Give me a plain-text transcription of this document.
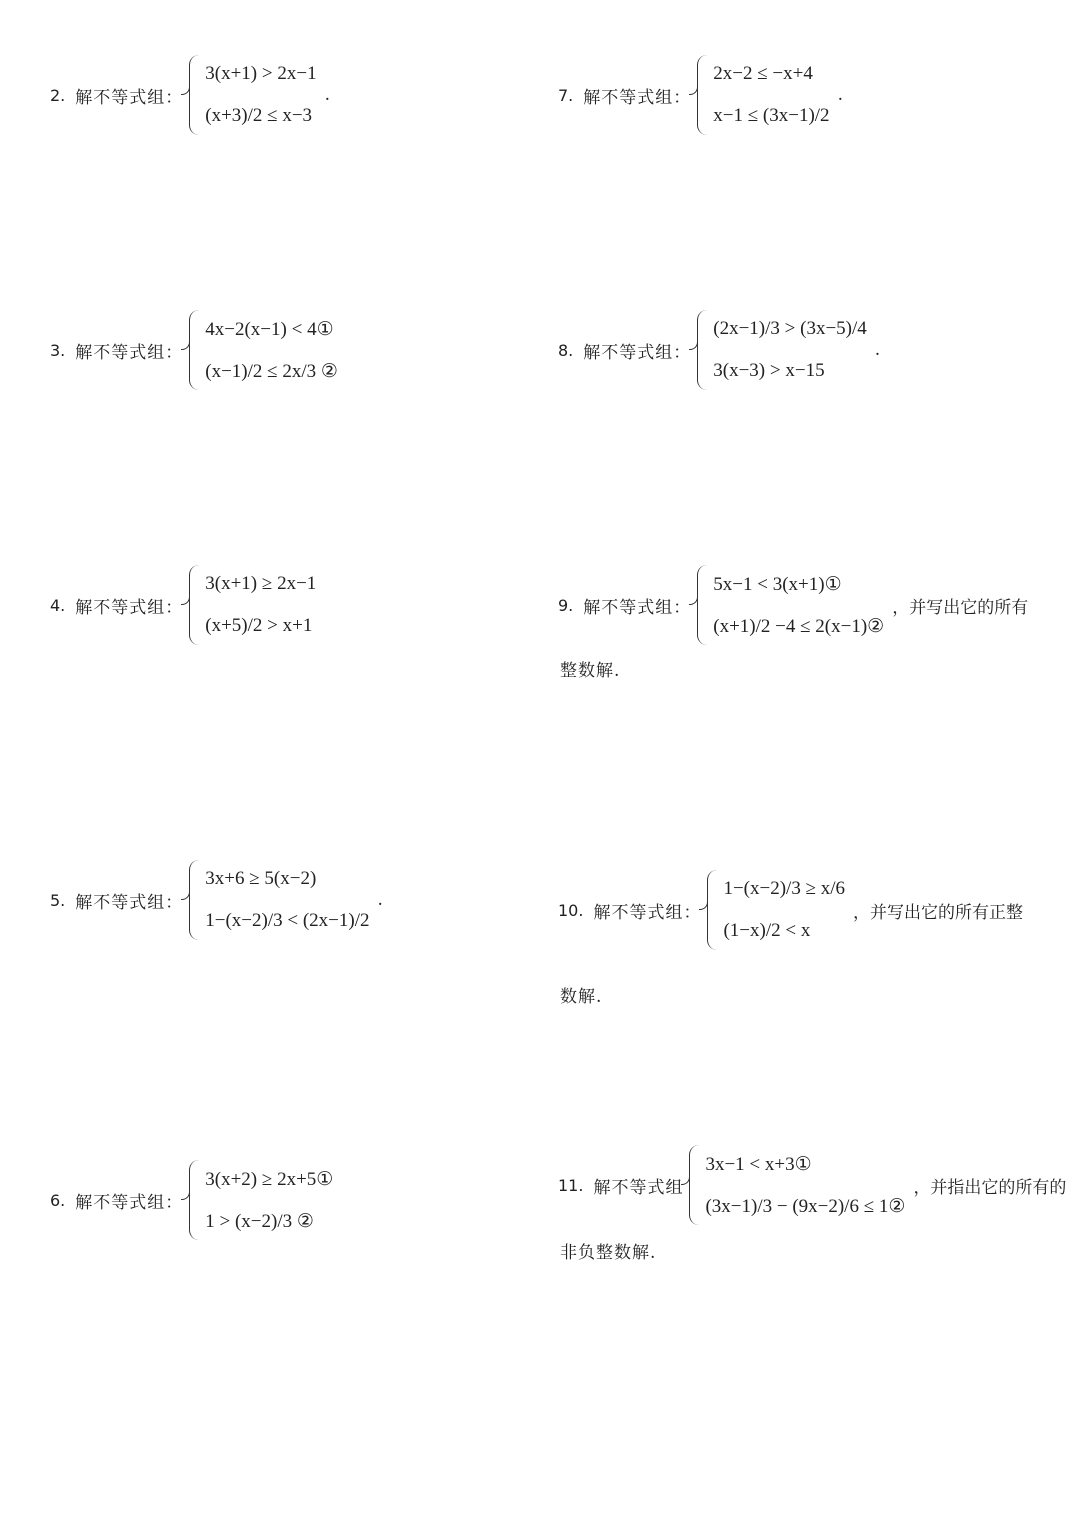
2. 解不等式组：
3(x+1) > 2x−1
(x+3)/2 ≤ x−3
.
3. 解不等式组：
4x−2(x−1) < 4①
(x−1)/2 ≤ 2x/3 ②
4. 解不等式组：
3(x+1) ≥ 2x−1
(x+5)/2 > x+1
5. 解不等式组：
3x+6 ≥ 5(x−2)
1−(x−2)/3 < (2x−1)/2
.
6. 解不等式组：
3(x+2) ≥ 2x+5①
1 > (x−2)/3 ②
7. 解不等式组：
2x−2 ≤ −x+4
x−1 ≤ (3x−1)/2
.
8. 解不等式组：
(2x−1)/3 > (3x−5)/4
3(x−3) > x−15
.
9. 解不等式组：
5x−1 < 3(x+1)①
(x+1)/2 −4 ≤ 2(x−1)②
，并写出它的所有
整数解.
10. 解不等式组：
1−(x−2)/3 ≥ x/6
(1−x)/2 < x
，并写出它的所有正整
数解.
11. 解不等式组
3x−1 < x+3①
(3x−1)/3 − (9x−2)/6 ≤ 1②
，并指出它的所有的
非负整数解.
